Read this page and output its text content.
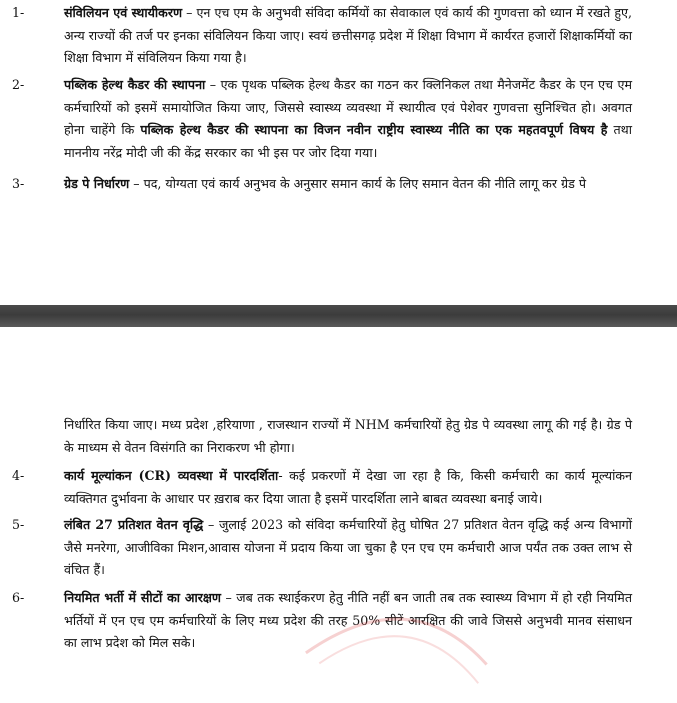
1-	संविलियन एवं स्थायीकरण – एन एच एम के अनुभवी संविदा कर्मियों का सेवाकाल एवं कार्य की गुणवत्ता को ध्यान में रखते हुए, अन्य राज्यों की तर्ज पर इनका संविलियन किया जाए। स्वयं छत्तीसगढ़ प्रदेश में शिक्षा विभाग में कार्यरत हजारों शिक्षाकर्मियों का शिक्षा विभाग में संविलियन किया गया है।
2-	पब्लिक हेल्थ कैडर की स्थापना – एक पृथक पब्लिक हेल्थ कैडर का गठन कर क्लिनिकल तथा मैनेजमेंट कैडर के एन एच एम कर्मचारियों को इसमें समायोजित किया जाए, जिससे स्वास्थ्य व्यवस्था में स्थायीत्व एवं पेशेवर गुणवत्ता सुनिश्चित हो। अवगत होना चाहेंगे कि पब्लिक हेल्थ कैडर की स्थापना का विजन नवीन राष्ट्रीय स्वास्थ्य नीति का एक महतवपूर्ण विषय है तथा माननीय नरेंद्र मोदी जी की केंद्र सरकार का भी इस पर जोर दिया गया।
3-	ग्रेड पे निर्धारण – पद, योग्यता एवं कार्य अनुभव के अनुसार समान कार्य के लिए समान वेतन की नीति लागू कर ग्रेड पे
निर्धारित किया जाए। मध्य प्रदेश ,हरियाणा , राजस्थान राज्यों में NHM कर्मचारियों हेतु ग्रेड पे व्यवस्था लागू की गई है। ग्रेड पे के माध्यम से वेतन विसंगति का निराकरण भी होगा।
4-	कार्य मूल्यांकन (CR) व्यवस्था में पारदर्शिता- कई प्रकरणों में देखा जा रहा है कि, किसी कर्मचारी का कार्य मूल्यांकन व्यक्तिगत दुर्भावना के आधार पर ख़राब कर दिया जाता है इसमें पारदर्शिता लाने बाबत व्यवस्था बनाई जाये।
5-	लंबित 27 प्रतिशत वेतन वृद्धि – जुलाई 2023 को संविदा कर्मचारियों हेतु घोषित 27 प्रतिशत वेतन वृद्धि कई अन्य विभागों जैसे मनरेगा, आजीविका मिशन,आवास योजना में प्रदाय किया जा चुका है एन एच एम कर्मचारी आज पर्यंत तक उक्त लाभ से वंचित हैं।
6-	नियमित भर्ती में सीटों का आरक्षण – जब तक स्थाईकरण हेतु नीति नहीं बन जाती तब तक स्वास्थ्य विभाग में हो रही नियमित भर्तियों में एन एच एम कर्मचारियों के लिए मध्य प्रदेश की तरह 50% सीटें आरक्षित की जावे जिससे अनुभवी मानव संसाधन का लाभ प्रदेश को मिल सके।
